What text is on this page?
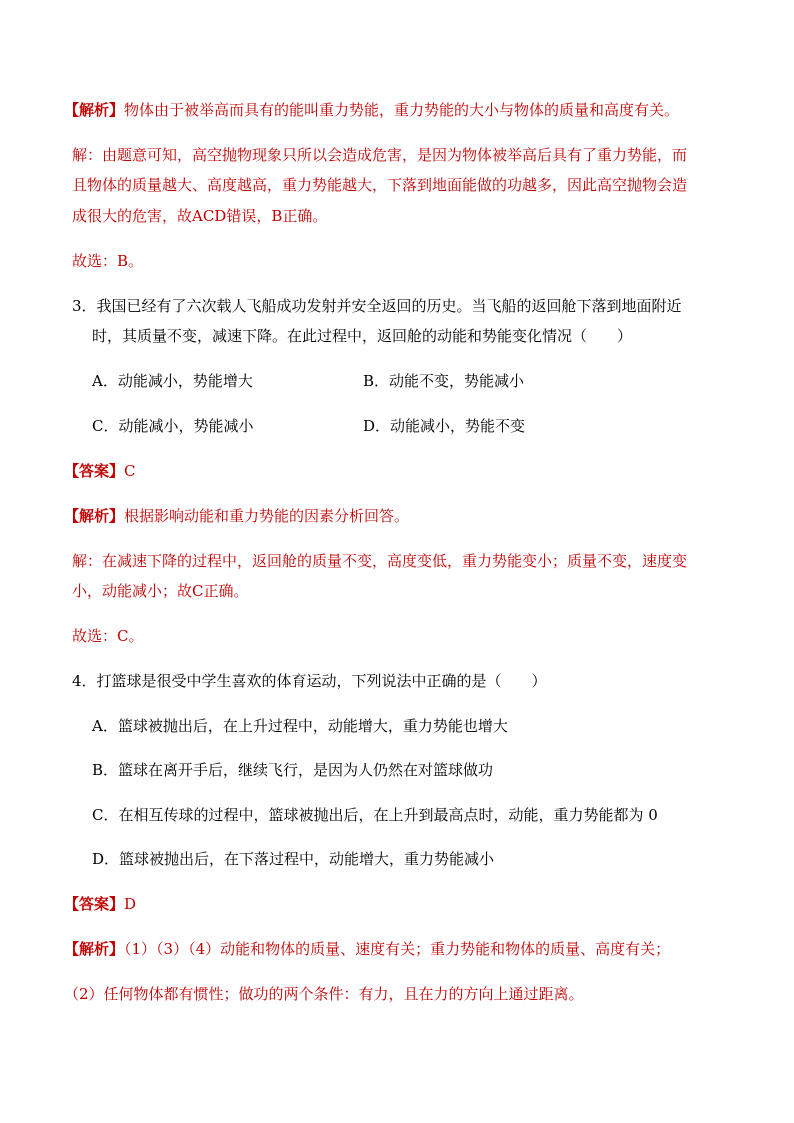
【解析】物体由于被举高而具有的能叫重力势能，重力势能的大小与物体的质量和高度有关。
解：由题意可知，高空抛物现象只所以会造成危害，是因为物体被举高后具有了重力势能，而
且物体的质量越大、高度越高，重力势能越大，下落到地面能做的功越多，因此高空抛物会造
成很大的危害，故ACD错误，B正确。
故选：B。
3．我国已经有了六次载人飞船成功发射并安全返回的历史。当飞船的返回舱下落到地面附近
时，其质量不变，减速下降。在此过程中，返回舱的动能和势能变化情况（　　）
A．动能减小，势能增大	B．动能不变，势能减小
C．动能减小，势能减小	D．动能减小，势能不变
【答案】C
【解析】根据影响动能和重力势能的因素分析回答。
解：在减速下降的过程中，返回舱的质量不变，高度变低，重力势能变小；质量不变，速度变
小，动能减小；故C正确。
故选：C。
4．打篮球是很受中学生喜欢的体育运动，下列说法中正确的是（　　）
A．篮球被抛出后，在上升过程中，动能增大，重力势能也增大
B．篮球在离开手后，继续飞行，是因为人仍然在对篮球做功
C．在相互传球的过程中，篮球被抛出后，在上升到最高点时，动能，重力势能都为 0
D．篮球被抛出后，在下落过程中，动能增大，重力势能减小
【答案】D
【解析】（1）（3）（4）动能和物体的质量、速度有关；重力势能和物体的质量、高度有关；
（2）任何物体都有惯性；做功的两个条件：有力，且在力的方向上通过距离。
